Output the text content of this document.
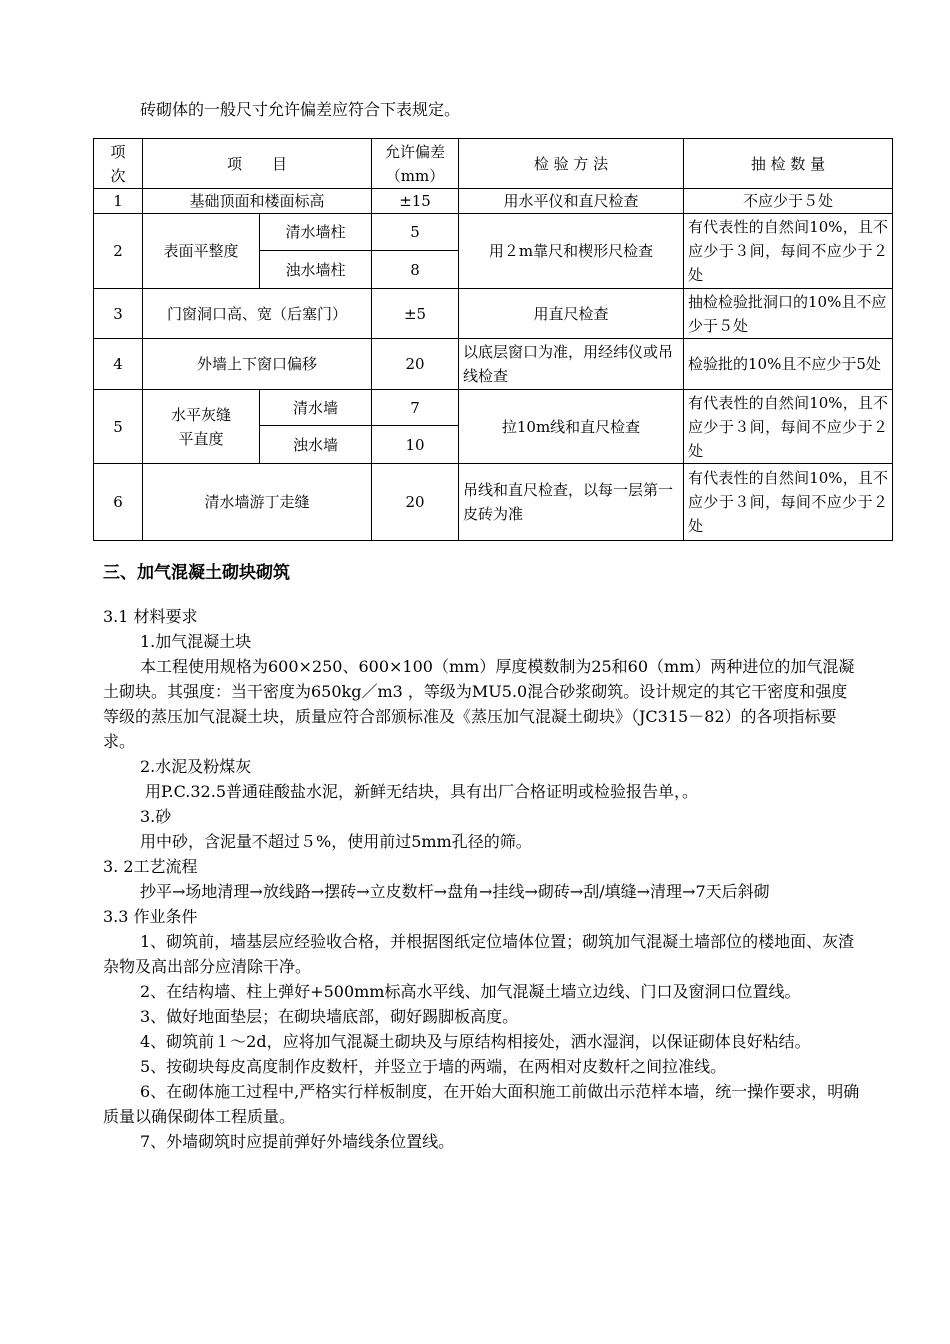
砖砌体的一般尺寸允许偏差应符合下表规定。
项次	项　　目		允许偏差（mm）	检 验 方 法	抽 检 数 量
1	基础顶面和楼面标高		±15	用水平仪和直尺检查	不应少于５处
2	表面平整度	清水墙柱	5	用２m靠尺和楔形尺检查	有代表性的自然间10%，且不应少于３间，每间不应少于２处
		浊水墙柱	8		
3	门窗洞口高、宽（后塞门）		±5	用直尺检查	抽检检验批洞口的10%且不应少于５处
4	外墙上下窗口偏移		20	以底层窗口为准，用经纬仪或吊线检查	检验批的10%且不应少于5处
5	水平灰缝平直度	清水墙	7	拉10m线和直尺检查	有代表性的自然间10%，且不应少于３间，每间不应少于２处
		浊水墙	10		
6	清水墙游丁走缝		20	吊线和直尺检查，以每一层第一皮砖为准	有代表性的自然间10%，且不应少于３间，每间不应少于２处
三、加气混凝土砌块砌筑

3.1 材料要求

1.加气混凝土块

本工程使用规格为600×250、600×100（mm）厚度模数制为25和60（mm）两种进位的加气混凝土砌块。其强度：当干密度为650kg／m3 ，等级为MU5.0混合砂浆砌筑。设计规定的其它干密度和强度等级的蒸压加气混凝土块，质量应符合部颁标准及《蒸压加气混凝土砌块》（JC315－82）的各项指标要求。

2.水泥及粉煤灰

用P.C.32.5普通硅酸盐水泥，新鲜无结块，具有出厂合格证明或检验报告单，。

3.砂

用中砂，含泥量不超过５%，使用前过5mm孔径的筛。

3. 2工艺流程

抄平→场地清理→放线路→摆砖→立皮数杆→盘角→挂线→砌砖→刮/填缝→清理→7天后斜砌

3.3 作业条件

1、砌筑前，墙基层应经验收合格，并根据图纸定位墙体位置；砌筑加气混凝土墙部位的楼地面、灰渣杂物及高出部分应清除干净。

2、在结构墙、柱上弹好+500mm标高水平线、加气混凝土墙立边线、门口及窗洞口位置线。

3、做好地面垫层；在砌块墙底部，砌好踢脚板高度。

4、砌筑前１～2d，应将加气混凝土砌块及与原结构相接处，洒水湿润，以保证砌体良好粘结。

5、按砌块每皮高度制作皮数杆，并竖立于墙的两端，在两相对皮数杆之间拉准线。

6、在砌体施工过程中,严格实行样板制度，在开始大面积施工前做出示范样本墙，统一操作要求，明确质量以确保砌体工程质量。

7、外墙砌筑时应提前弹好外墙线条位置线。
